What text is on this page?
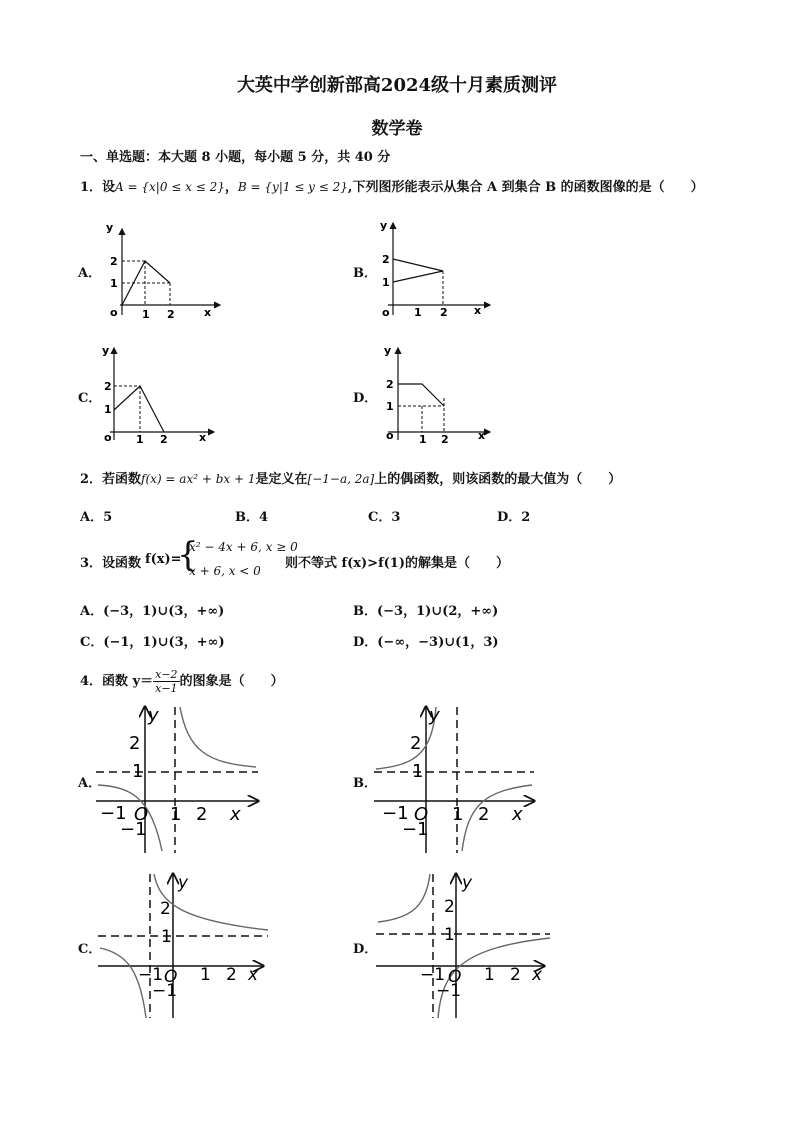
大英中学创新部高2024级十月素质测评
数学卷
一、单选题：本大题 8 小题，每小题 5 分，共 40 分
1．设A = {x|0 ≤ x ≤ 2}，B = {y|1 ≤ y ≤ 2},下列图形能表示从集合 A 到集合 B 的函数图像的是（　　）
A．	B．
C．	D．
y
2
1
o 1 2	x
y
2
1
o 1 2 x
y
2
1
o 1 2	x
y
2
1
o 1 2	x
2．若函数f(x) = ax² + bx + 1是定义在[−1−a, 2a]上的偶函数，则该函数的最大值为（　　）
A．5	B．4	C．3	D．2
3．设函数 f(x)=
{
x² − 4x + 6, x ≥ 0
x + 6, x < 0 则不等式 f(x)>f(1)的解集是（　　）
A．(−3，1)∪(3，+∞)	B．(−3，1)∪(2，+∞)
C．(−1，1)∪(3，+∞)	D．(−∞，−3)∪(1，3)
4．函数 $y= \frac{x-2}{x-1}$ 的图象是（　　）
A．	B．
C．	D．
y
2
1
−1 O 1 2 x
−1
y
2
1
−1 O 1 2 x
−1
y
2
1
−1 O 1 2 x
−1
y
2
1
−1 O 1 2 x
−1
